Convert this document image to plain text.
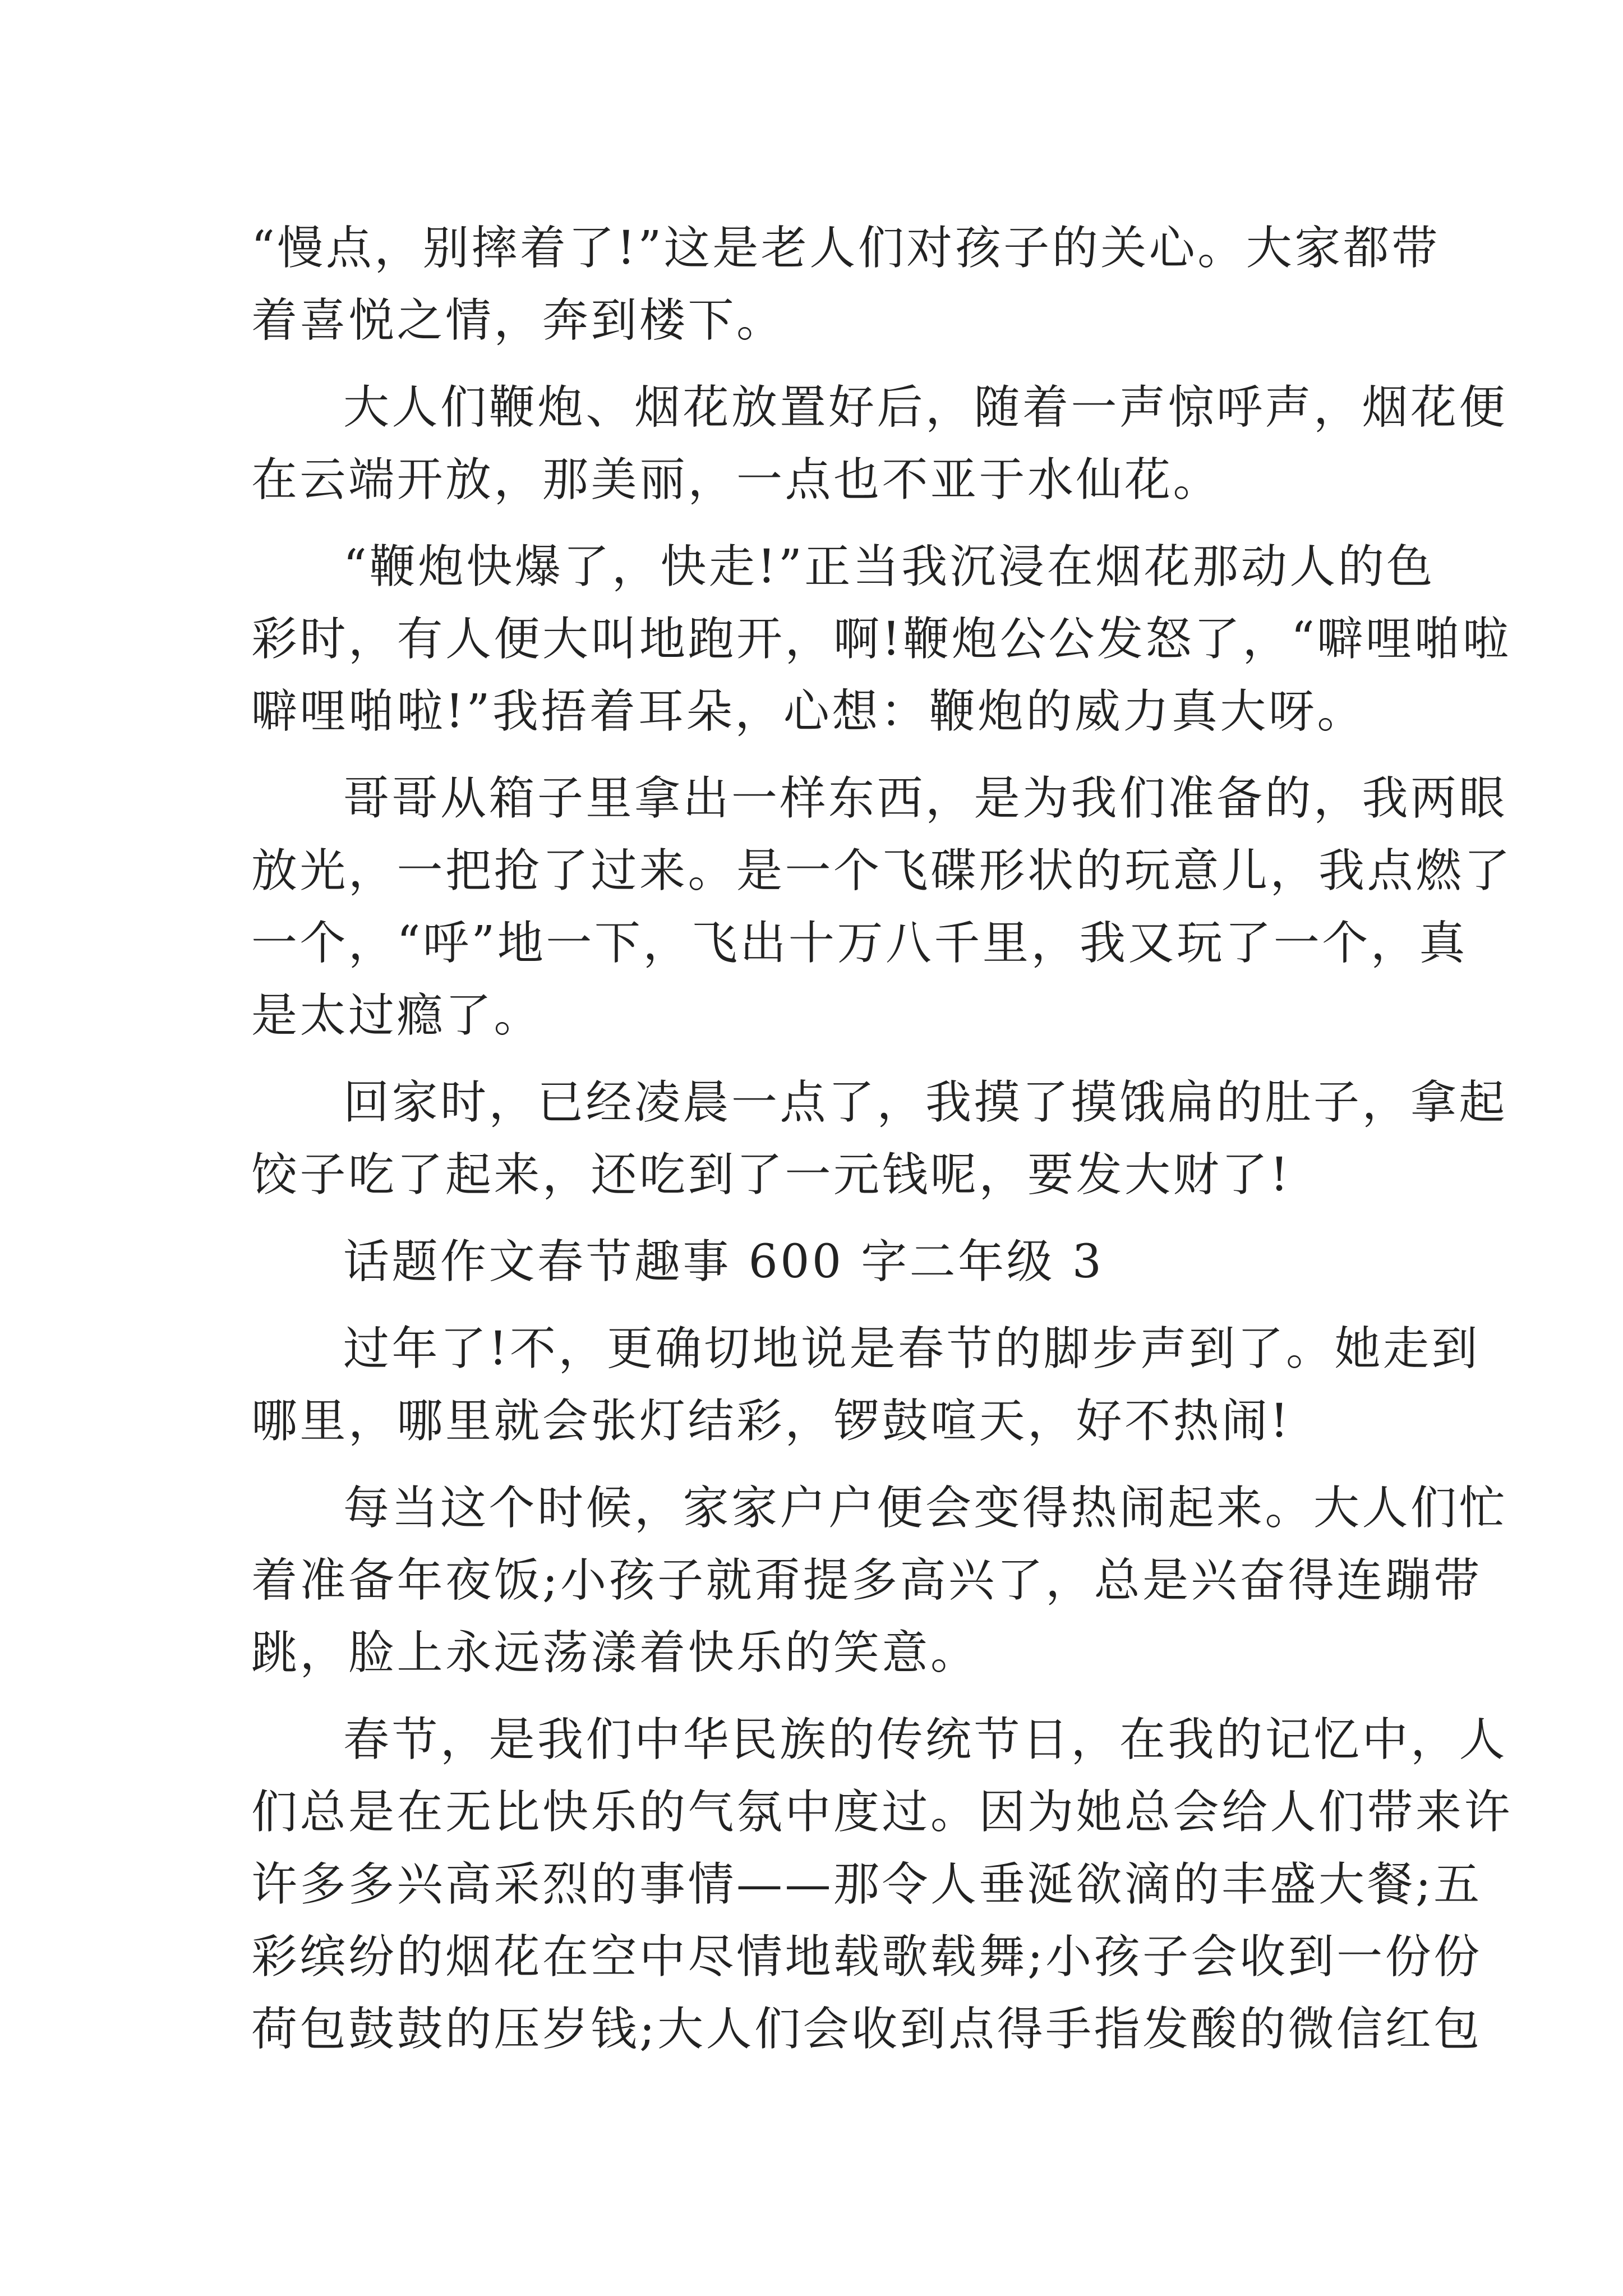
“慢点，别摔着了!”这是老人们对孩子的关心。大家都带
着喜悦之情，奔到楼下。
大人们鞭炮、烟花放置好后，随着一声惊呼声，烟花便
在云端开放，那美丽，一点也不亚于水仙花。
“鞭炮快爆了，快走!”正当我沉浸在烟花那动人的色
彩时，有人便大叫地跑开，啊!鞭炮公公发怒了，“噼哩啪啦
噼哩啪啦!”我捂着耳朵，心想：鞭炮的威力真大呀。
哥哥从箱子里拿出一样东西，是为我们准备的，我两眼
放光，一把抢了过来。是一个飞碟形状的玩意儿，我点燃了
一个，“呼”地一下，飞出十万八千里，我又玩了一个，真
是太过瘾了。
回家时，已经凌晨一点了，我摸了摸饿扁的肚子，拿起
饺子吃了起来，还吃到了一元钱呢，要发大财了!
话题作文春节趣事 600 字二年级 3
过年了!不，更确切地说是春节的脚步声到了。她走到
哪里，哪里就会张灯结彩，锣鼓喧天，好不热闹!
每当这个时候，家家户户便会变得热闹起来。大人们忙
着准备年夜饭;小孩子就甭提多高兴了，总是兴奋得连蹦带
跳，脸上永远荡漾着快乐的笑意。
春节，是我们中华民族的传统节日，在我的记忆中，人
们总是在无比快乐的气氛中度过。因为她总会给人们带来许
许多多兴高采烈的事情——那令人垂涎欲滴的丰盛大餐;五
彩缤纷的烟花在空中尽情地载歌载舞;小孩子会收到一份份
荷包鼓鼓的压岁钱;大人们会收到点得手指发酸的微信红包
